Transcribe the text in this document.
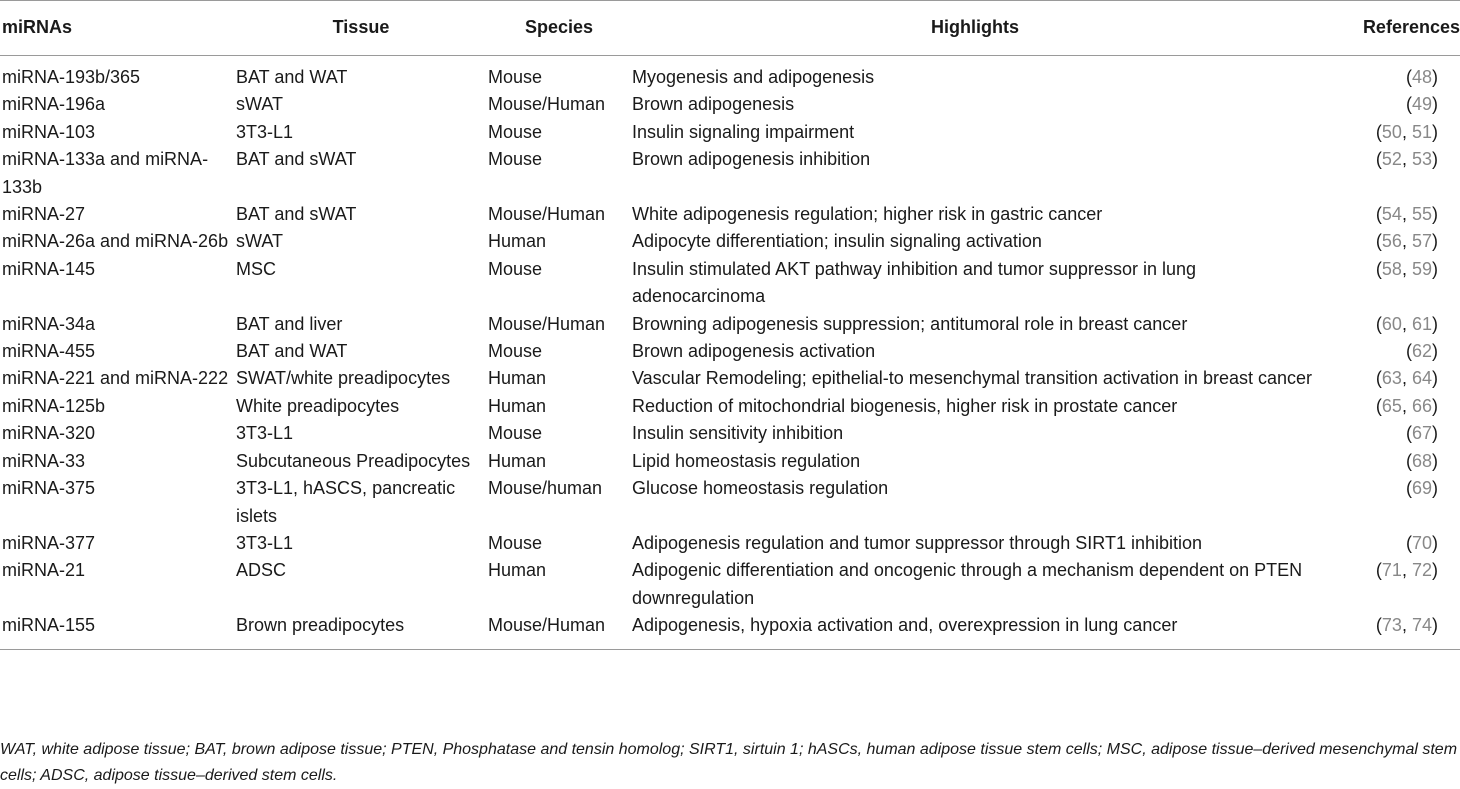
miRNAs	Tissue	Species	Highlights	References
miRNA-193b/365	BAT and WAT	Mouse	Myogenesis and adipogenesis	(48)
miRNA-196a	sWAT	Mouse/Human	Brown adipogenesis	(49)
miRNA-103	3T3-L1	Mouse	Insulin signaling impairment	(50, 51)
miRNA-133a and miRNA-133b	BAT and sWAT	Mouse	Brown adipogenesis inhibition	(52, 53)
miRNA-27	BAT and sWAT	Mouse/Human	White adipogenesis regulation; higher risk in gastric cancer	(54, 55)
miRNA-26a and miRNA-26b	sWAT	Human	Adipocyte differentiation; insulin signaling activation	(56, 57)
miRNA-145	MSC	Mouse	Insulin stimulated AKT pathway inhibition and tumor suppressor in lung adenocarcinoma	(58, 59)
miRNA-34a	BAT and liver	Mouse/Human	Browning adipogenesis suppression; antitumoral role in breast cancer	(60, 61)
miRNA-455	BAT and WAT	Mouse	Brown adipogenesis activation	(62)
miRNA-221 and miRNA-222	SWAT/white preadipocytes	Human	Vascular Remodeling; epithelial-to mesenchymal transition activation in breast cancer	(63, 64)
miRNA-125b	White preadipocytes	Human	Reduction of mitochondrial biogenesis, higher risk in prostate cancer	(65, 66)
miRNA-320	3T3-L1	Mouse	Insulin sensitivity inhibition	(67)
miRNA-33	Subcutaneous Preadipocytes	Human	Lipid homeostasis regulation	(68)
miRNA-375	3T3-L1, hASCS, pancreatic islets	Mouse/human	Glucose homeostasis regulation	(69)
miRNA-377	3T3-L1	Mouse	Adipogenesis regulation and tumor suppressor through SIRT1 inhibition	(70)
miRNA-21	ADSC	Human	Adipogenic differentiation and oncogenic through a mechanism dependent on PTEN downregulation	(71, 72)
miRNA-155	Brown preadipocytes	Mouse/Human	Adipogenesis, hypoxia activation and, overexpression in lung cancer	(73, 74)
WAT, white adipose tissue; BAT, brown adipose tissue; PTEN, Phosphatase and tensin homolog; SIRT1, sirtuin 1; hASCs, human adipose tissue stem cells; MSC, adipose tissue–derived mesenchymal stem cells; ADSC, adipose tissue–derived stem cells.
